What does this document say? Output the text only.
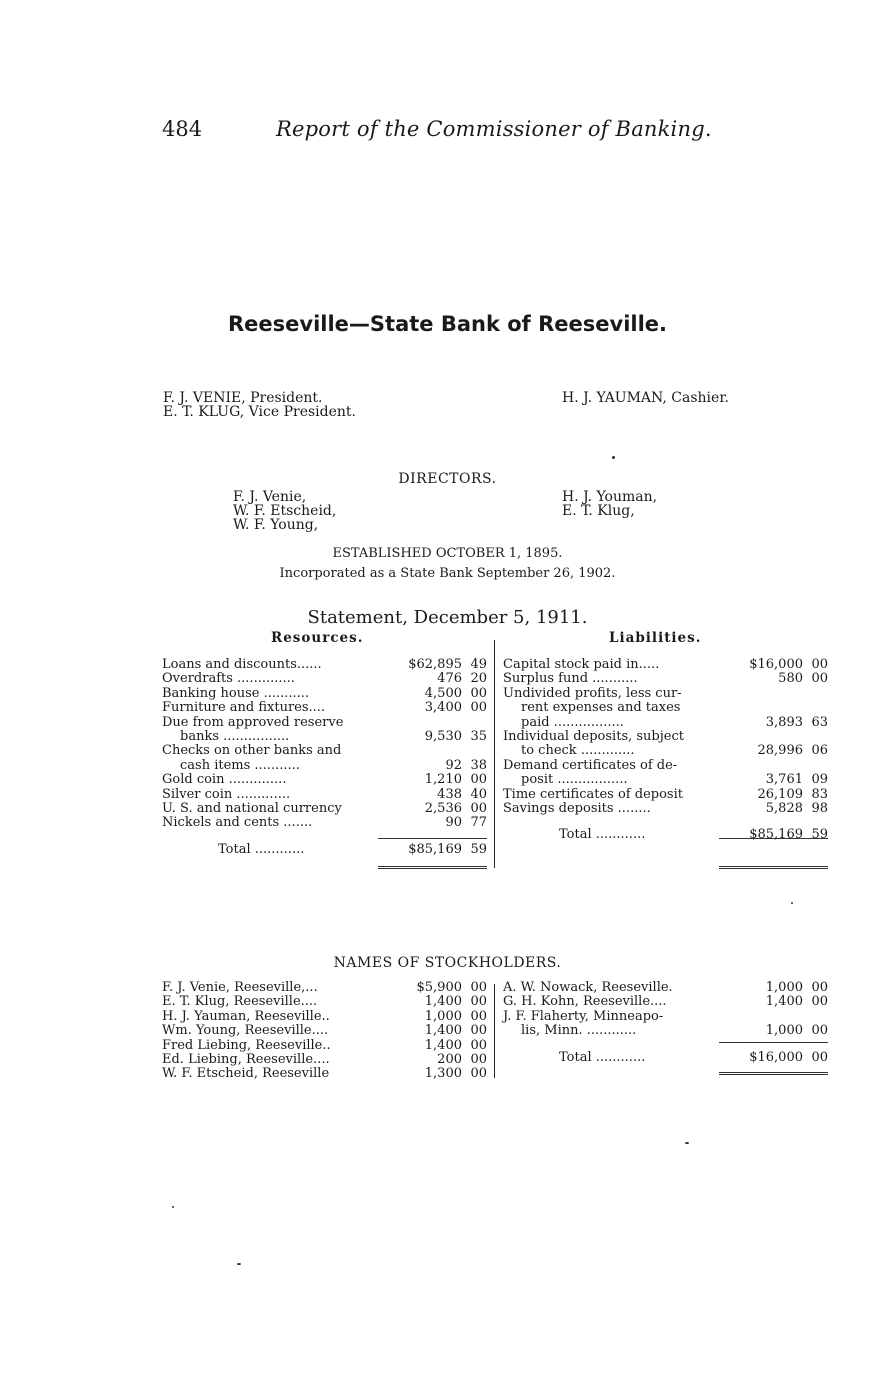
484	Report of the Commissioner of Banking.
Reeseville—State Bank of Reeseville.
F. J. VENIE, President.
E. T. KLUG, Vice President.
H. J. YAUMAN, Cashier.
DIRECTORS.
F. J. Venie,
W. F. Etscheid,
W. F. Young,
H. J. Youman,
E. T. Klug,
ESTABLISHED OCTOBER 1, 1895.
Incorporated as a State Bank September 26, 1902.
Statement, December 5, 1911.
Resources.	Liabilities.
Loans and discounts......	$62,895	49
Overdrafts ..............	476	20
Banking house ...........	4,500	00
Furniture and fixtures....	3,400	00
Due from approved reserve		
banks ................	9,530	35
Checks on other banks and		
cash items ...........	92	38
Gold coin ..............	1,210	00
Silver coin .............	438	40
U. S. and national currency	2,536	00
Nickels and cents .......	90	77
Total ............	$85,169	59
Capital stock paid in.....	$16,000	00
Surplus fund ...........	580	00
Undivided profits, less cur-		
rent expenses and taxes		
paid .................	3,893	63
Individual deposits, subject		
to check .............	28,996	06
Demand certificates of de-		
posit .................	3,761	09
Time certificates of deposit	26,109	83
Savings deposits ........	5,828	98
Total ............	$85,169	59
NAMES OF STOCKHOLDERS.
F. J. Venie, Reeseville,...	$5,900	00
E. T. Klug, Reeseville....	1,400	00
H. J. Yauman, Reeseville..	1,000	00
Wm. Young, Reeseville....	1,400	00
Fred Liebing, Reeseville..	1,400	00
Ed. Liebing, Reeseville....	200	00
W. F. Etscheid, Reeseville	1,300	00
A. W. Nowack, Reeseville.	1,000	00
G. H. Kohn, Reeseville....	1,400	00
J. F. Flaherty, Minneapo-		
lis, Minn. ............	1,000	00
Total ............	$16,000	00
